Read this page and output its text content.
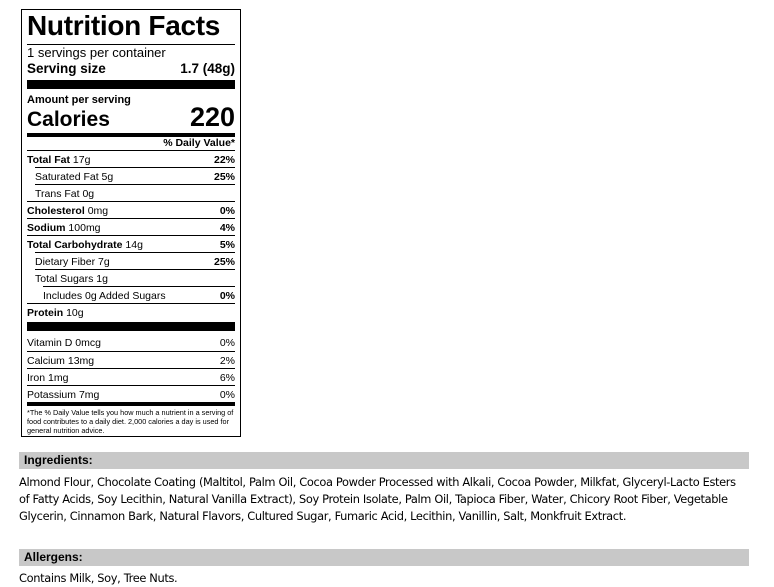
Nutrition Facts
1 servings per container
Serving size	1.7 (48g)
Amount per serving
Calories	220
% Daily Value*
Total Fat 17g	22%
Saturated Fat 5g	25%
Trans Fat 0g
Cholesterol 0mg	0%
Sodium 100mg	4%
Total Carbohydrate 14g	5%
Dietary Fiber 7g	25%
Total Sugars 1g
Includes 0g Added Sugars	0%
Protein 10g
Vitamin D 0mcg	0%
Calcium 13mg	2%
Iron 1mg	6%
Potassium 7mg	0%
*The % Daily Value tells you how much a nutrient in a serving of food contributes to a daily diet. 2,000 calories a day is used for general nutrition advice.
Ingredients:
Almond Flour, Chocolate Coating (Maltitol, Palm Oil, Cocoa Powder Processed with Alkali, Cocoa Powder, Milkfat, Glyceryl-Lacto Esters
of Fatty Acids, Soy Lecithin, Natural Vanilla Extract), Soy Protein Isolate, Palm Oil, Tapioca Fiber, Water, Chicory Root Fiber, Vegetable
Glycerin, Cinnamon Bark, Natural Flavors, Cultured Sugar, Fumaric Acid, Lecithin, Vanillin, Salt, Monkfruit Extract.
Allergens:
Contains Milk, Soy, Tree Nuts.
